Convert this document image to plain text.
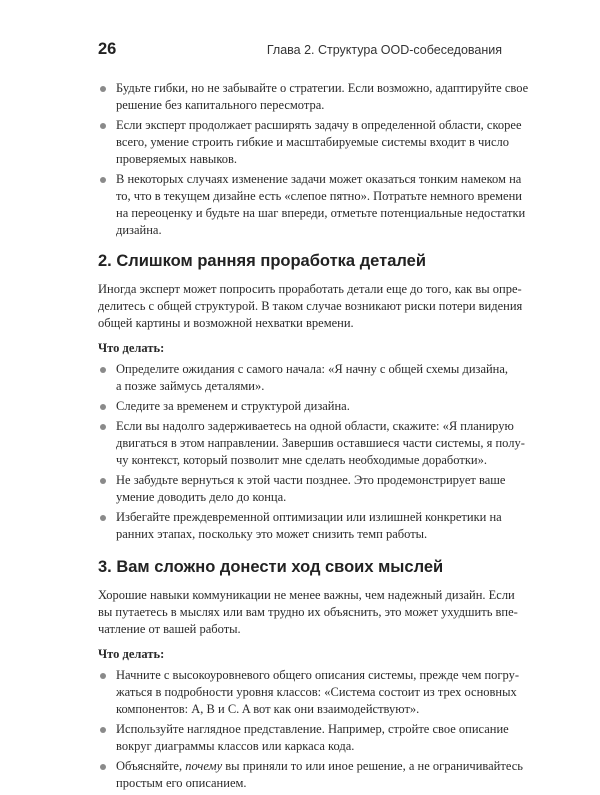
26	Глава 2. Структура OOD-собеседования
Будьте гибки, но не забывайте о стратегии. Если возможно, адаптируйте свое
решение без капитального пересмотра.
Если эксперт продолжает расширять задачу в определенной области, скорее
всего, умение строить гибкие и масштабируемые системы входит в число
проверяемых навыков.
В некоторых случаях изменение задачи может оказаться тонким намеком на
то, что в текущем дизайне есть «слепое пятно». Потратьте немного времени
на переоценку и будьте на шаг впереди, отметьте потенциальные недостатки
дизайна.
2. Слишком ранняя проработка деталей

Иногда эксперт может попросить проработать детали еще до того, как вы опре-
делитесь с общей структурой. В таком случае возникают риски потери видения
общей картины и возможной нехватки времени.

Что делать:

Определите ожидания с самого начала: «Я начну с общей схемы дизайна,
а позже займусь деталями».
Следите за временем и структурой дизайна.
Если вы надолго задерживаетесь на одной области, скажите: «Я планирую
двигаться в этом направлении. Завершив оставшиеся части системы, я полу-
чу контекст, который позволит мне сделать необходимые доработки».
Не забудьте вернуться к этой части позднее. Это продемонстрирует ваше
умение доводить дело до конца.
Избегайте преждевременной оптимизации или излишней конкретики на
ранних этапах, поскольку это может снизить темп работы.
3. Вам сложно донести ход своих мыслей

Хорошие навыки коммуникации не менее важны, чем надежный дизайн. Если
вы путаетесь в мыслях или вам трудно их объяснить, это может ухудшить впе-
чатление от вашей работы.

Что делать:

Начните с высокоуровневого общего описания системы, прежде чем погру-
жаться в подробности уровня классов: «Система состоит из трех основных
компонентов: A, B и C. A вот как они взаимодействуют».
Используйте наглядное представление. Например, стройте свое описание
вокруг диаграммы классов или каркаса кода.
Объясняйте, почему вы приняли то или иное решение, а не ограничивайтесь
простым его описанием.
